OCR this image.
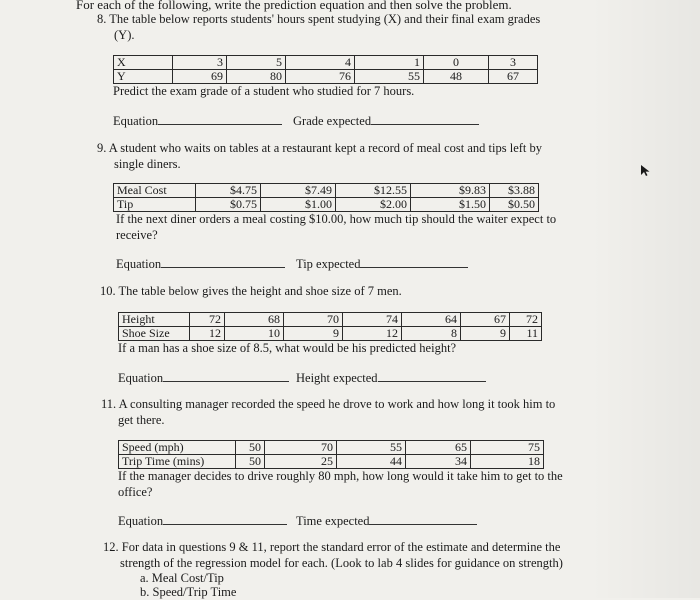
For each of the following, write the prediction equation and then solve the problem.
8. The table below reports students' hours spent studying (X) and their final exam grades
(Y).
X	3	5	4	1	0	3
Y	69	80	76	55	48	67
Predict the exam grade of a student who studied for 7 hours.
Equation	Grade expected
9. A student who waits on tables at a restaurant kept a record of meal cost and tips left by
single diners.
Meal Cost	$4.75	$7.49	$12.55	$9.83	$3.88
Tip	$0.75	$1.00	$2.00	$1.50	$0.50
If the next diner orders a meal costing $10.00, how much tip should the waiter expect to
receive?
Equation	Tip expected
10. The table below gives the height and shoe size of 7 men.
Height	72	68	70	74	64	67	72
Shoe Size	12	10	9	12	8	9	11
If a man has a shoe size of 8.5, what would be his predicted height?
Equation	Height expected
11. A consulting manager recorded the speed he drove to work and how long it took him to
get there.
Speed (mph)	50	70	55	65	75
Trip Time (mins)	50	25	44	34	18
If the manager decides to drive roughly 80 mph, how long would it take him to get to the
office?
Equation	Time expected
12. For data in questions 9 & 11, report the standard error of the estimate and determine the
strength of the regression model for each. (Look to lab 4 slides for guidance on strength)
a. Meal Cost/Tip
b. Speed/Trip Time
